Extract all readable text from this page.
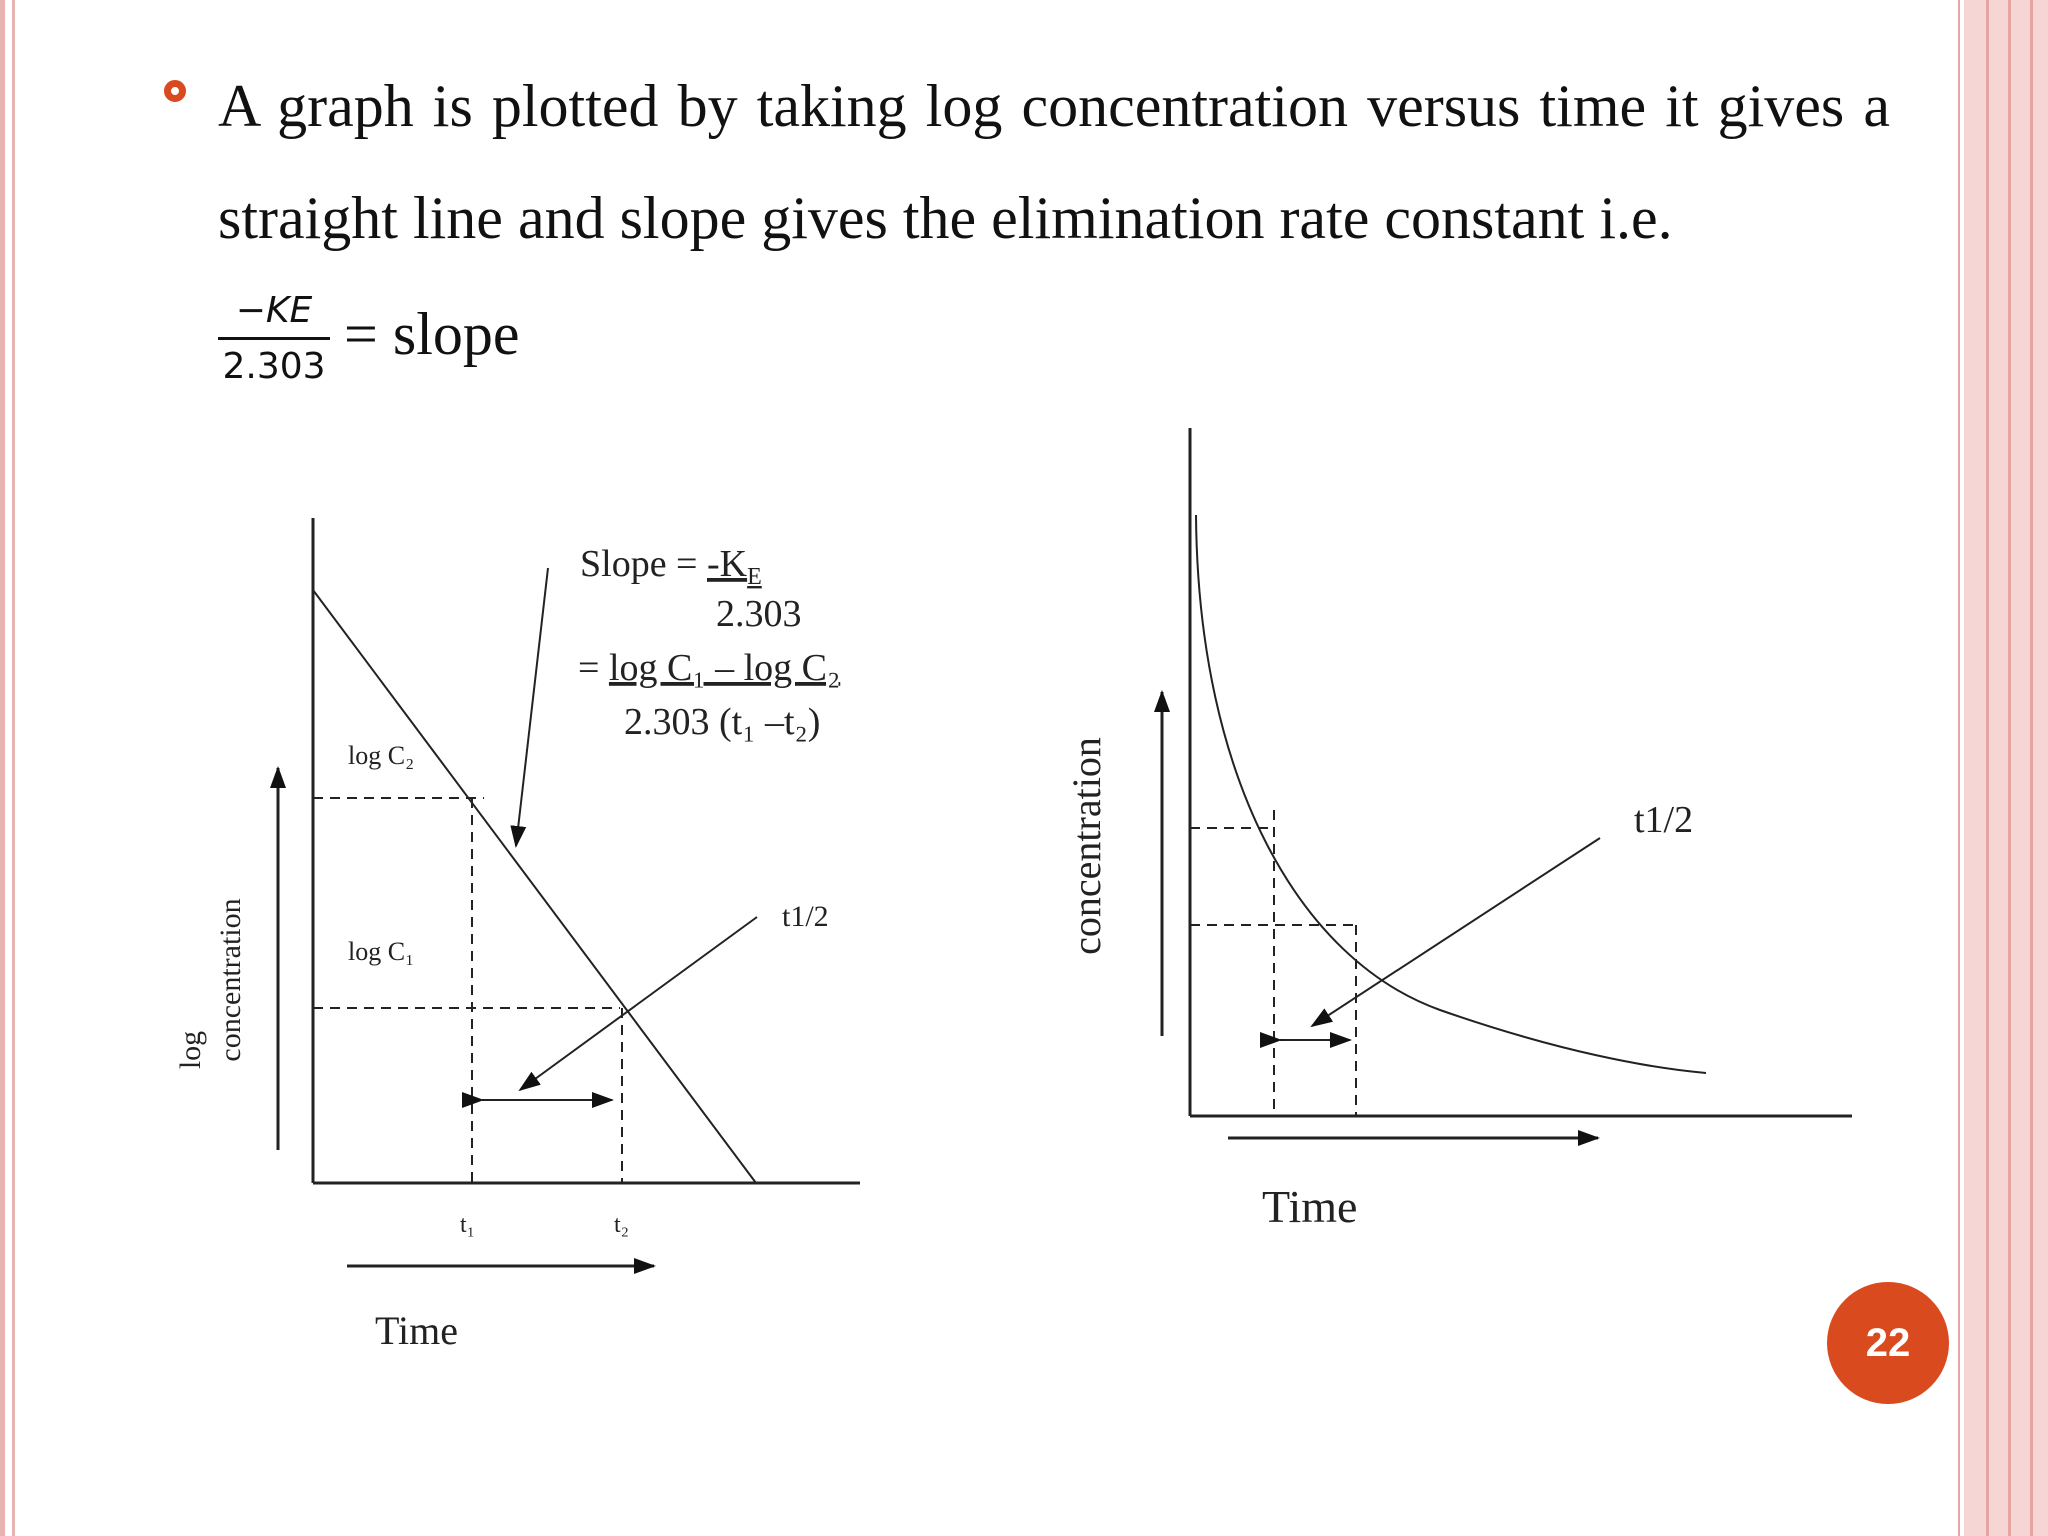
A graph is plotted by taking log concentration versus time it gives a straight line and slope gives the elimination rate constant i.e.
$\frac{-KE}{2.303}$ = slope
Slope = $-K_E$
2.303
= log C₁ – log C₂
2.303 (t₁ –t₂)
log C₂
log C₁
t1/2
t₁	t₂
Time
log concentration
t1/2
Time
concentration
22
